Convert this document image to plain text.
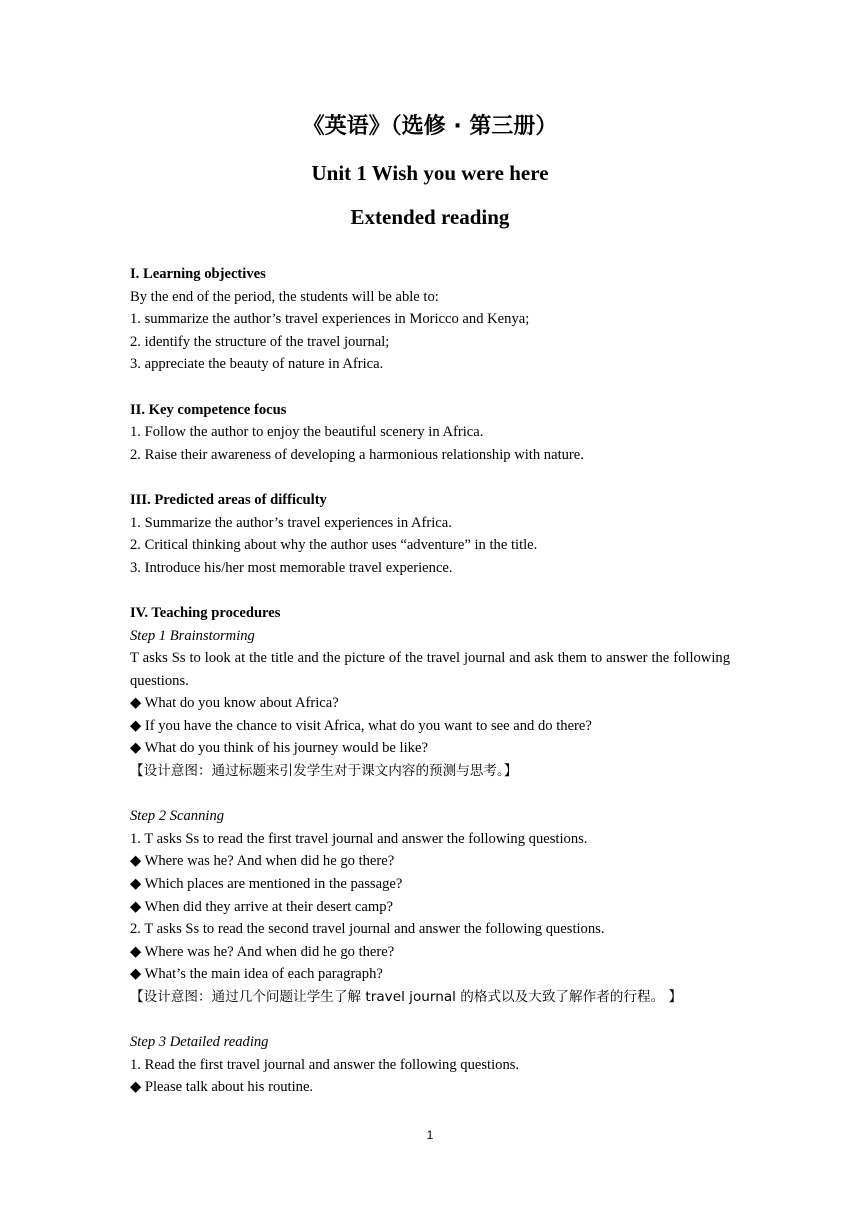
《英语》（选修 · 第三册）
Unit 1 Wish you were here
Extended reading
I. Learning objectives
By the end of the period, the students will be able to:
1. summarize the author’s travel experiences in Moricco and Kenya;
2. identify the structure of the travel journal;
3. appreciate the beauty of nature in Africa.
II. Key competence focus
1. Follow the author to enjoy the beautiful scenery in Africa.
2. Raise their awareness of developing a harmonious relationship with nature.
III. Predicted areas of difficulty
1. Summarize the author’s travel experiences in Africa.
2. Critical thinking about why the author uses “adventure” in the title.
3. Introduce his/her most memorable travel experience.
IV. Teaching procedures
Step 1 Brainstorming
T asks Ss to look at the title and the picture of the travel journal and ask them to answer the following questions.
◆ What do you know about Africa?
◆ If you have the chance to visit Africa, what do you want to see and do there?
◆ What do you think of his journey would be like?
【设计意图：通过标题来引发学生对于课文内容的预测与思考。】
Step 2 Scanning
1. T asks Ss to read the first travel journal and answer the following questions.
◆ Where was he? And when did he go there?
◆ Which places are mentioned in the passage?
◆ When did they arrive at their desert camp?
2. T asks Ss to read the second travel journal and answer the following questions.
◆ Where was he? And when did he go there?
◆ What’s the main idea of each paragraph?
【设计意图：通过几个问题让学生了解 travel journal 的格式以及大致了解作者的行程。 】
Step 3 Detailed reading
1. Read the first travel journal and answer the following questions.
◆ Please talk about his routine.
1
